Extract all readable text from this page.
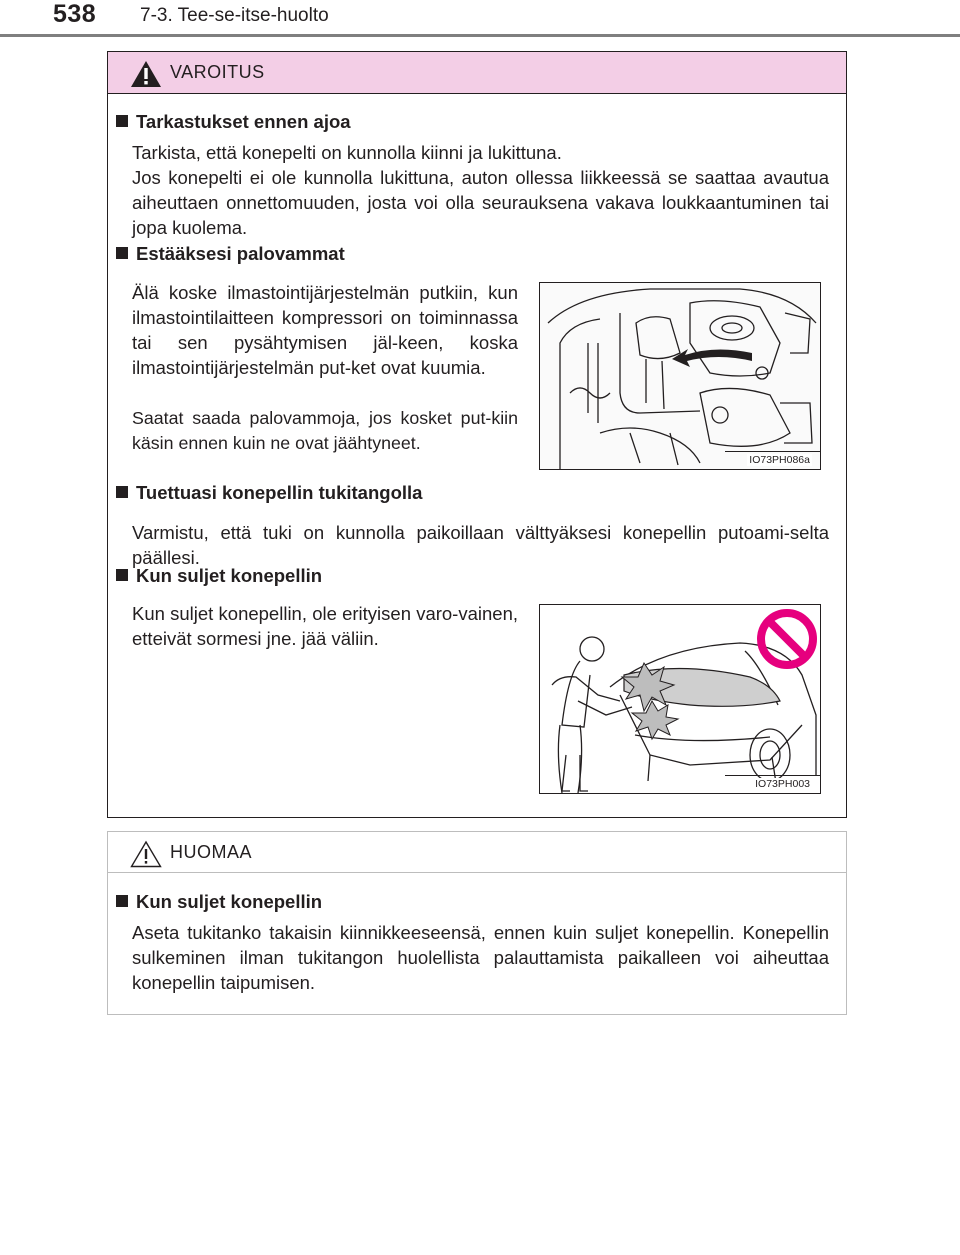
538 7-3. Tee-se-itse-huolto
VAROITUS
Tarkastukset ennen ajoa
Tarkista, että konepelti on kunnolla kiinni ja lukittuna.
Jos konepelti ei ole kunnolla lukittuna, auton ollessa liikkeessä se saattaa avautua aiheuttaen onnettomuuden, josta voi olla seurauksena vakava loukkaantuminen tai jopa kuolema.
Estääksesi palovammat
Älä koske ilmastointijärjestelmän putkiin, kun ilmastointilaitteen kompressori on toiminnassa tai sen pysähtymisen jäl-keen, koska ilmastointijärjestelmän put-ket ovat kuumia.
Saatat saada palovammoja, jos kosket put-kiin käsin ennen kuin ne ovat jäähtyneet.
IO73PH086a
Tuettuasi konepellin tukitangolla
Varmistu, että tuki on kunnolla paikoillaan välttyäksesi konepellin putoami-selta päällesi.
Kun suljet konepellin
Kun suljet konepellin, ole erityisen varo-vainen, etteivät sormesi jne. jää väliin.
IO73PH003
HUOMAA
Kun suljet konepellin
Aseta tukitanko takaisin kiinnikkeeseensä, ennen kuin suljet konepellin. Konepellin sulkeminen ilman tukitangon huolellista palauttamista paikalleen voi aiheuttaa konepellin taipumisen.
